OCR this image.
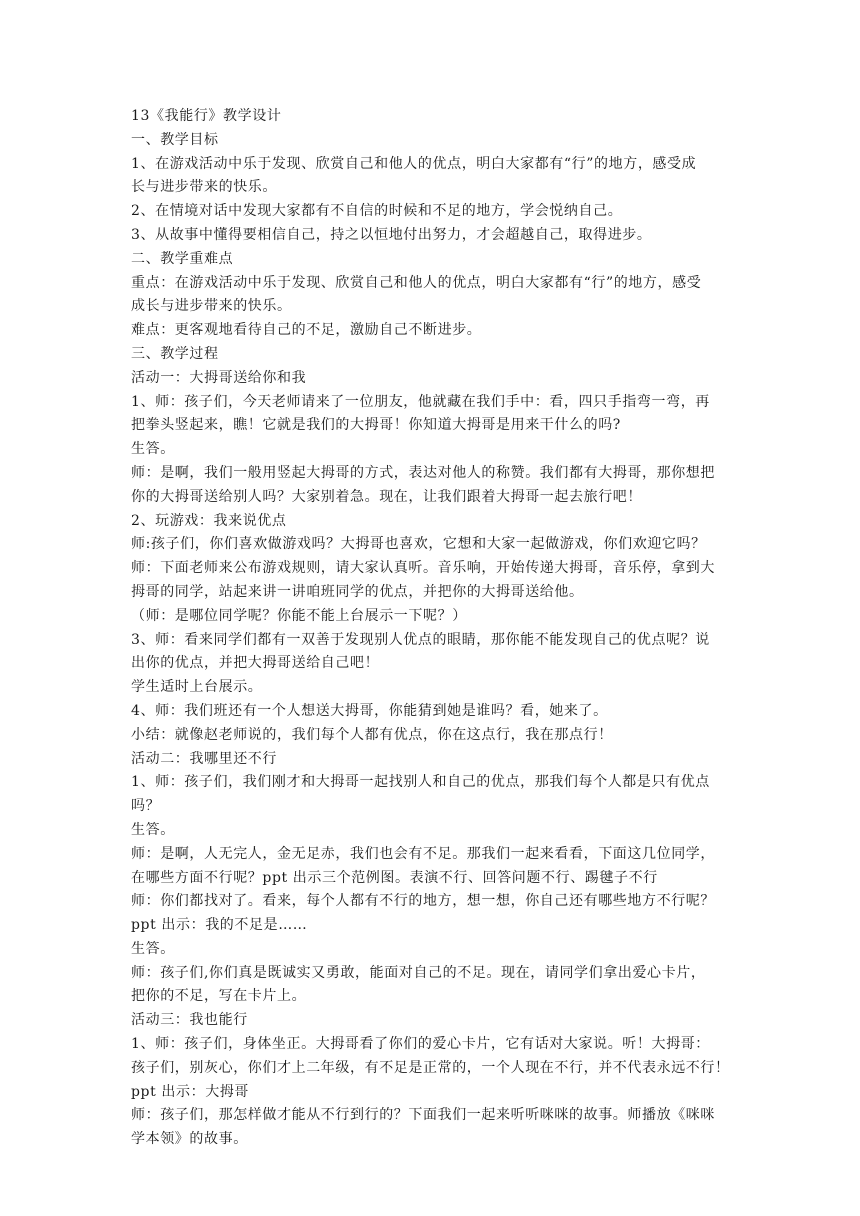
13《我能行》教学设计

一、教学目标

1、在游戏活动中乐于发现、欣赏自己和他人的优点，明白大家都有“行”的地方，感受成

长与进步带来的快乐。

2、在情境对话中发现大家都有不自信的时候和不足的地方，学会悦纳自己。

3、从故事中懂得要相信自己，持之以恒地付出努力，才会超越自己，取得进步。

二、教学重难点

重点：在游戏活动中乐于发现、欣赏自己和他人的优点，明白大家都有“行”的地方，感受

成长与进步带来的快乐。

难点：更客观地看待自己的不足，激励自己不断进步。

三、教学过程

活动一：大拇哥送给你和我

1、师：孩子们，今天老师请来了一位朋友，他就藏在我们手中：看，四只手指弯一弯，再

把拳头竖起来，瞧！它就是我们的大拇哥！你知道大拇哥是用来干什么的吗?

生答。

师：是啊，我们一般用竖起大拇哥的方式，表达对他人的称赞。我们都有大拇哥，那你想把

你的大拇哥送给别人吗？大家别着急。现在，让我们跟着大拇哥一起去旅行吧！

2、玩游戏：我来说优点

师:孩子们，你们喜欢做游戏吗？大拇哥也喜欢，它想和大家一起做游戏，你们欢迎它吗？

师：下面老师来公布游戏规则，请大家认真听。音乐响，开始传递大拇哥，音乐停，拿到大

拇哥的同学，站起来讲一讲咱班同学的优点，并把你的大拇哥送给他。

（师：是哪位同学呢？你能不能上台展示一下呢？）

3、师：看来同学们都有一双善于发现别人优点的眼睛，那你能不能发现自己的优点呢？说

出你的优点，并把大拇哥送给自己吧！

学生适时上台展示。

4、师：我们班还有一个人想送大拇哥，你能猜到她是谁吗？看，她来了。

小结：就像赵老师说的，我们每个人都有优点，你在这点行，我在那点行！

活动二：我哪里还不行

1、师：孩子们，我们刚才和大拇哥一起找别人和自己的优点，那我们每个人都是只有优点

吗？

生答。

师：是啊，人无完人，金无足赤，我们也会有不足。那我们一起来看看，下面这几位同学，

在哪些方面不行呢？ppt 出示三个范例图。表演不行、回答问题不行、踢毽子不行

师：你们都找对了。看来，每个人都有不行的地方，想一想，你自己还有哪些地方不行呢？

ppt 出示：我的不足是……

生答。

师：孩子们,你们真是既诚实又勇敢，能面对自己的不足。现在，请同学们拿出爱心卡片，

把你的不足，写在卡片上。

活动三：我也能行

1、师：孩子们，身体坐正。大拇哥看了你们的爱心卡片，它有话对大家说。听！大拇哥：

孩子们，别灰心，你们才上二年级，有不足是正常的，一个人现在不行，并不代表永远不行！

ppt 出示：大拇哥

师：孩子们，那怎样做才能从不行到行的？下面我们一起来听听咪咪的故事。师播放《咪咪

学本领》的故事。
